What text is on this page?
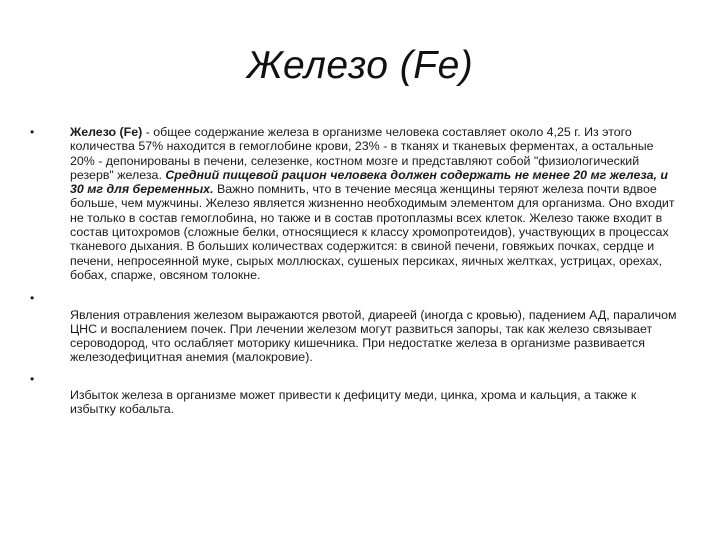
Железо (Fe)
•	Железо (Fe) - общее содержание железа в организме человека составляет около 4,25 г. Из этого количества 57% находится в гемоглобине крови, 23% - в тканях и тканевых ферментах, а остальные 20% - депонированы в печени, селезенке, костном мозге и представляют собой "физиологический резерв" железа. Средний пищевой рацион человека должен содержать не менее 20 мг железа, и 30 мг для беременных. Важно помнить, что в течение месяца женщины теряют железа почти вдвое больше, чем мужчины. Железо является жизненно необходимым элементом для организма. Оно входит не только в состав гемоглобина, но также и в состав протоплазмы всех клеток. Железо также входит в состав цитохромов (сложные белки, относящиеся к классу хромопротеидов), участвующих в процессах тканевого дыхания. В больших количествах содержится: в свиной печени, говяжьих почках, сердце и печени, непросеянной муке, сырых моллюсках, сушеных персиках, яичных желтках, устрицах, орехах, бобах, спарже, овсяном толокне.
•

Явления отравления железом выражаются рвотой, диареей (иногда с кровью), падением АД, параличом ЦНС и воспалением почек. При лечении железом могут развиться запоры, так как железо связывает сероводород, что ослабляет моторику кишечника. При недостатке железа в организме развивается железодефицитная анемия (малокровие).
•

Избыток железа в организме может привести к дефициту меди, цинка, хрома и кальция, а также к избытку кобальта.
